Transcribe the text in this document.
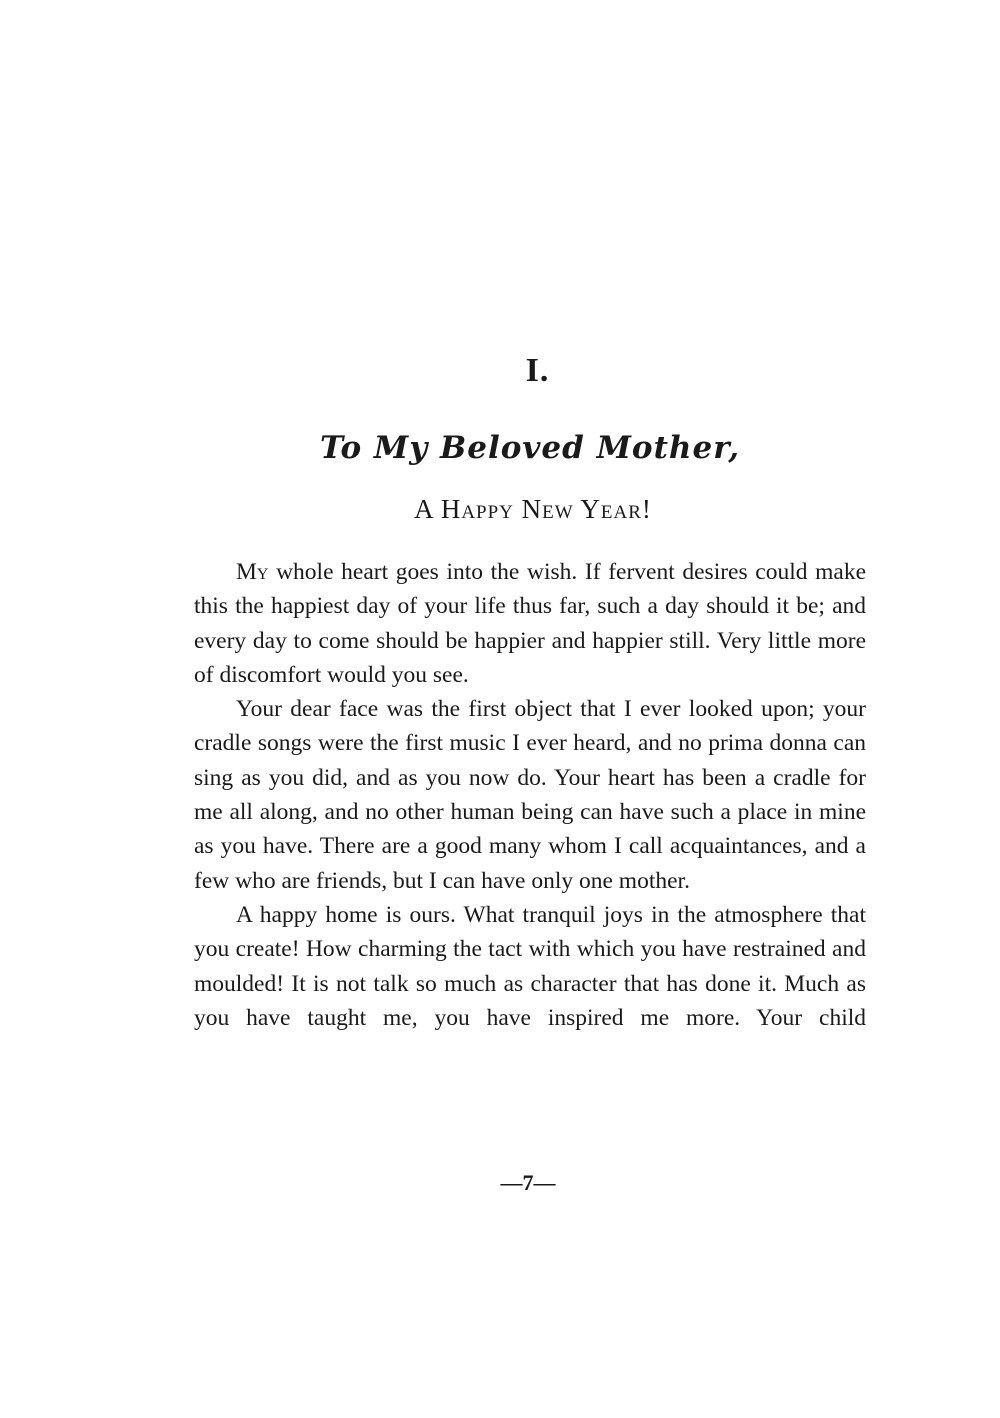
I.
To My Beloved Mother,
A Happy New Year!

My whole heart goes into the wish. If fervent desires could make this the happiest day of your life thus far, such a day should it be; and every day to come should be happier and happier still. Very little more of discomfort would you see.

Your dear face was the first object that I ever looked upon; your cradle songs were the first music I ever heard, and no prima donna can sing as you did, and as you now do. Your heart has been a cradle for me all along, and no other human being can have such a place in mine as you have. There are a good many whom I call acquaintances, and a few who are friends, but I can have only one mother.

A happy home is ours. What tranquil joys in the atmosphere that you create! How charming the tact with which you have restrained and moulded! It is not talk so much as character that has done it. Much as you have taught me, you have inspired me more. Your child

—7—
